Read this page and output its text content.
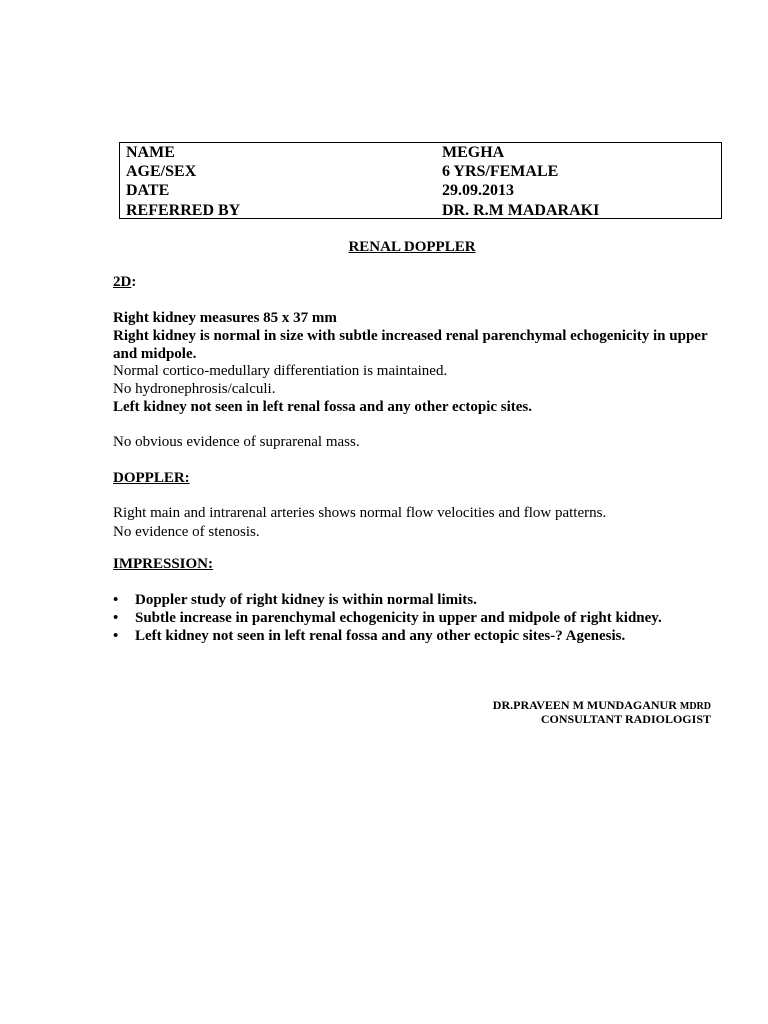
NAME	MEGHA
AGE/SEX	6 YRS/FEMALE
DATE	29.09.2013
REFERRED BY	DR. R.M MADARAKI
RENAL DOPPLER
2D:
Right kidney measures 85 x 37 mm
Right kidney is normal in size with subtle increased renal parenchymal echogenicity in upper and midpole.
Normal cortico-medullary differentiation is maintained.
No hydronephrosis/calculi.
Left kidney not seen in left renal fossa and any other ectopic sites.
No obvious evidence of suprarenal mass.
DOPPLER:
Right main and intrarenal arteries shows normal flow velocities and flow patterns.
No evidence of stenosis.
IMPRESSION:
• Doppler study of right kidney is within normal limits.
• Subtle increase in parenchymal echogenicity in upper and midpole of right kidney.
• Left kidney not seen in left renal fossa and any other ectopic sites-? Agenesis.
DR.PRAVEEN M MUNDAGANUR MDRD
CONSULTANT RADIOLOGIST
